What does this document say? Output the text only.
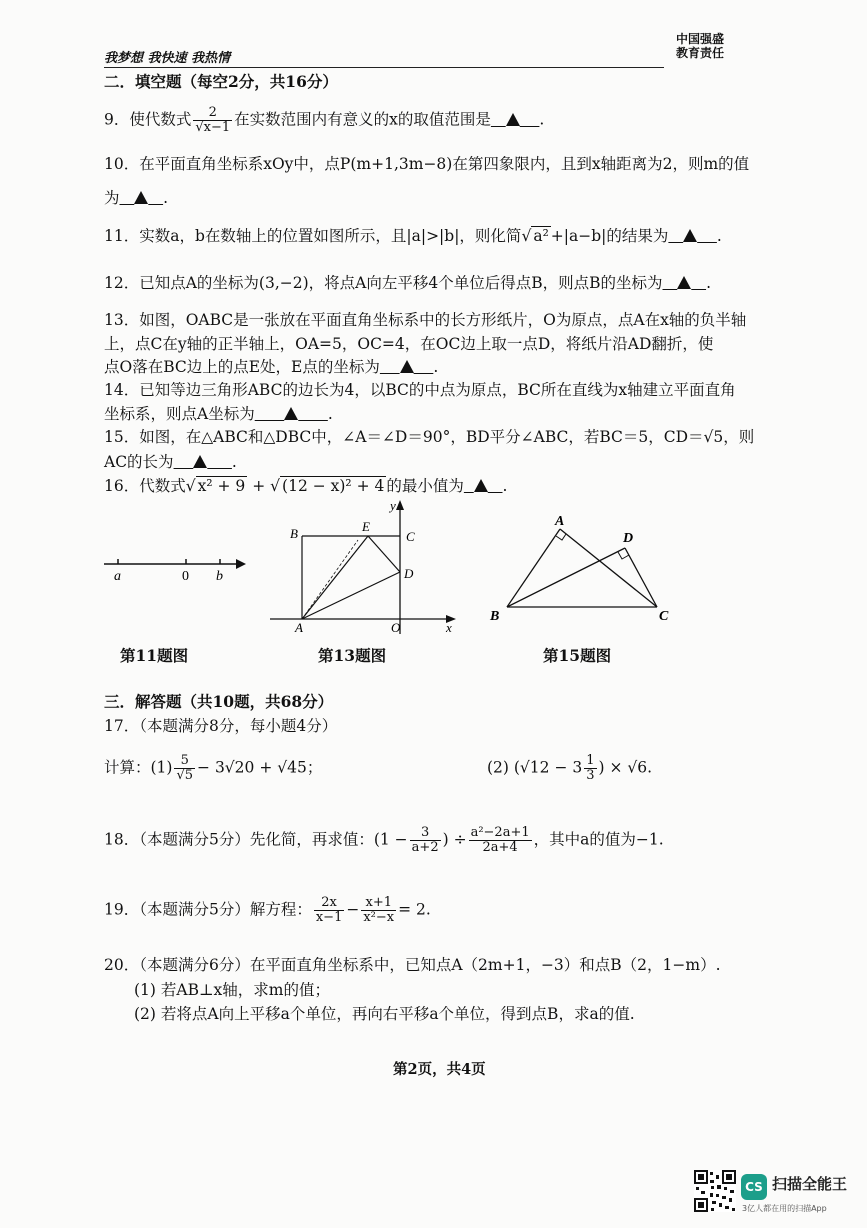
我梦想 我快速 我热情
中国强盛
教育责任
二．填空题（每空2分，共16分）
9．使代数式 $\frac{2}{√x-1}$ 在实数范围内有意义的x的取值范围是	.
10．在平面直角坐标系xOy中，点P(m+1,3m−8)在第四象限内，且到x轴距离为2，则m的值
为	.
11．实数a，b在数轴上的位置如图所示，且|a|>|b|，则化简√ a² +|a−b|的结果为	.
12．已知点A的坐标为(3,−2)，将点A向左平移4个单位后得点B，则点B的坐标为	.
13．如图，OABC是一张放在平面直角坐标系中的长方形纸片，O为原点，点A在x轴的负半轴
上，点C在y轴的正半轴上，OA=5，OC=4，在OC边上取一点D，将纸片沿AD翻折，使
点O落在BC边上的点E处，E点的坐标为	.
14．已知等边三角形ABC的边长为4，以BC的中点为原点，BC所在直线为x轴建立平面直角
坐标系，则点A坐标为	.
15．如图，在△ABC和△DBC中，∠A＝∠D＝90°，BD平分∠ABC，若BC＝5，CD＝√5，则
AC的长为	.
16．代数式√ x² + 9 + √ (12 − x)² + 4 的最小值为 .
a	0 b
第11题图
B	E
C
D
A	O	x
y
第13题图
A
D
B	C
第15题图
三．解答题（共10题，共68分）
17．（本题满分8分，每小题4分）
计算：$(1) \frac{5}{√5} - 3√20 + √45$；	(2) ($√12 - 3 \frac{1}{3}$ ) × √6.
18．（本题满分5分）先化简，再求值：($1 - \frac{3}{a+2}$ ) ÷ $\frac{\text{a²−2a+1}}{2a+4}$ ，其中a的值为−1.
19．（本题满分5分）解方程： $\frac{2x}{x-1} - \frac{x+1}{\text{x²−x}} = 2$.
20．（本题满分6分）在平面直角坐标系中，已知点A（2m+1，−3）和点B（2，1−m）.
(1) 若AB⊥x轴，求m的值；
(2) 若将点A向上平移a个单位，再向右平移a个单位，得到点B，求a的值.
第2页，共4页
CS 扫描全能王
3亿人都在用的扫描App
